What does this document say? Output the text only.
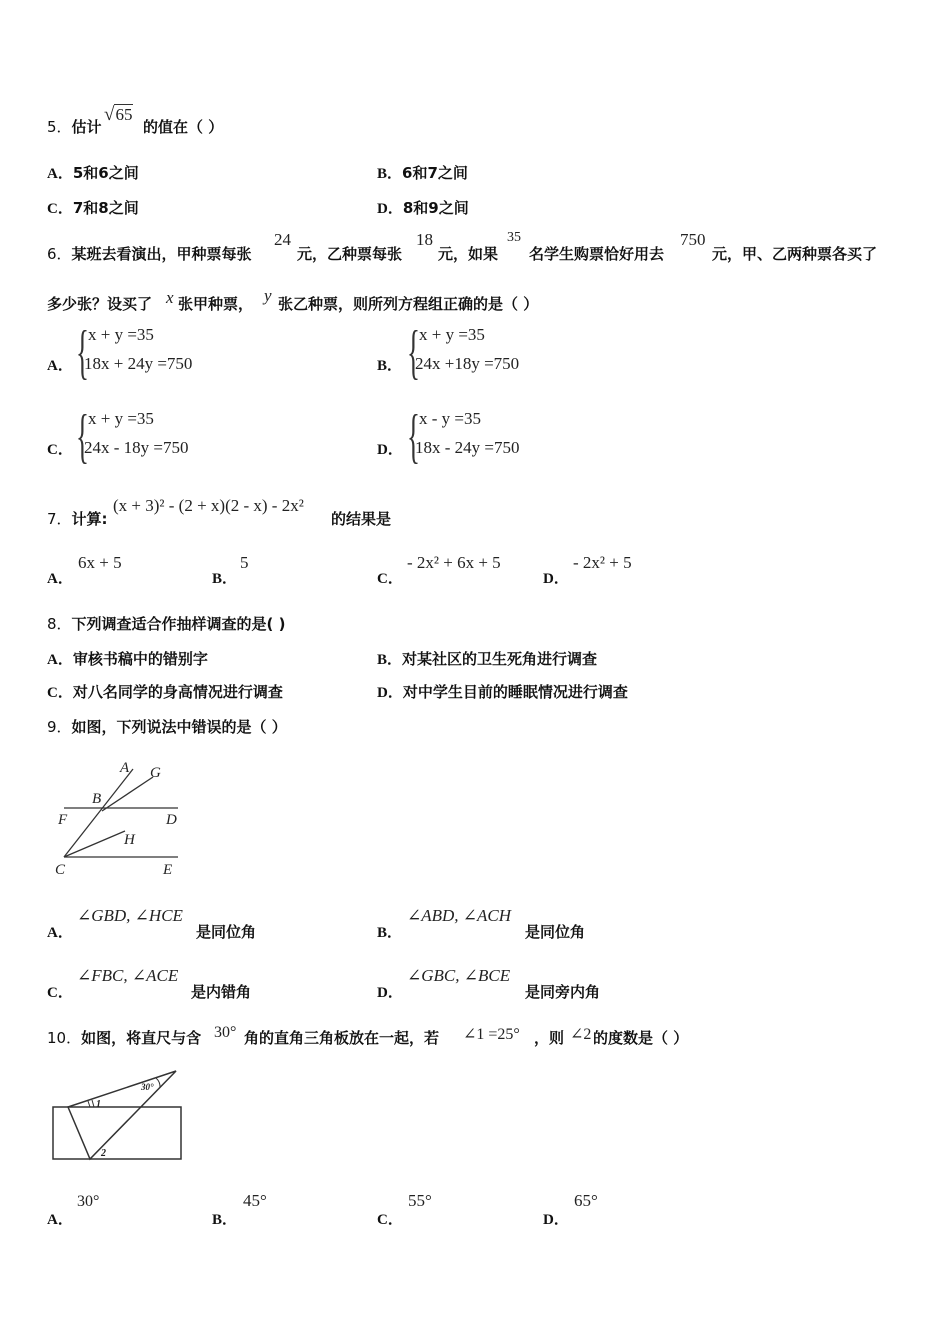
5．估计
√65
的值在（ ）
A．5和6之间	B．6和7之间
C．7和8之间	D．8和9之间
6．某班去看演出，甲种票每张
24
元，乙种票每张
18
元，如果
35
名学生购票恰好用去
750
元，甲、乙两种票各买了
多少张？设买了 x 张甲种票， y 张乙种票，则所列方程组正确的是（ ）
A． { x + y =35
18x + 24y =750	B． { x + y =35
24x +18y =750
C． { x + y =35
24x - 18y =750	D． { x - y =35
18x - 24y =750
7．计算:
(x + 3)² - (2 + x)(2 - x) - 2x²
的结果是
A．
6x + 5
B．
5
C．
- 2x² + 6x + 5
D．
- 2x² + 5
8．下列调查适合作抽样调查的是( )
A．审核书稿中的错别字	B．对某社区的卫生死角进行调查
C．对八名同学的身高情况进行调查	D．对中学生目前的睡眠情况进行调查
9．如图，下列说法中错误的是（ ）
A G
B
F	D
H
C	E
A．
∠GBD, ∠HCE
是同位角	B．
∠ABD, ∠ACH
是同位角
C．
∠FBC, ∠ACE
是内错角	D．
∠GBC, ∠BCE
是同旁内角
10．如图，将直尺与含 30° 角的直角三角板放在一起，若 ∠1 =25° ，则 ∠2 的度数是（ ）
30°
1
2
A．
30°
B．
45°
C．
55°
D．
65°
